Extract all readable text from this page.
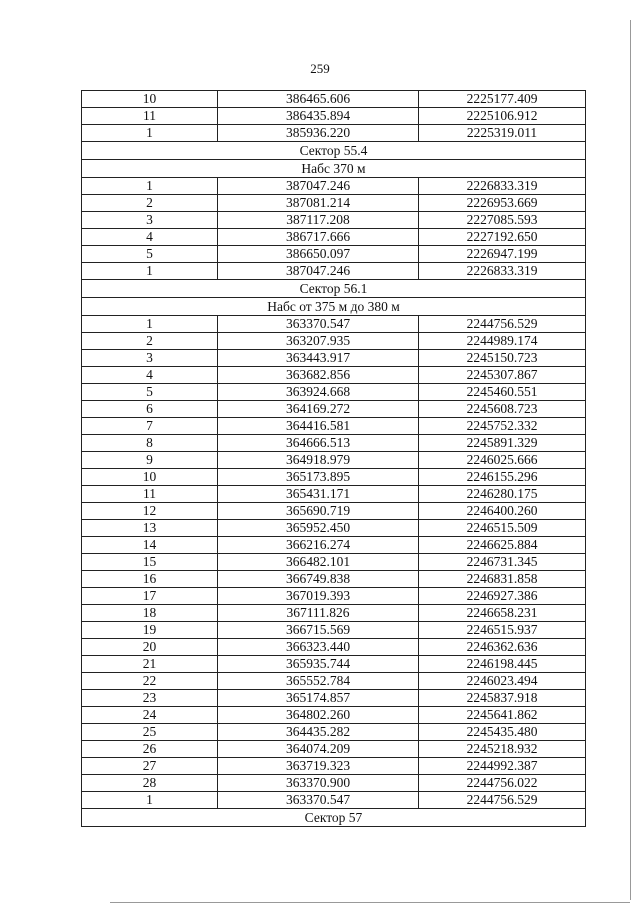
259
10	386465.606	2225177.409
11	386435.894	2225106.912
1	385936.220	2225319.011
Сектор 55.4		
Набс 370 м		
1	387047.246	2226833.319
2	387081.214	2226953.669
3	387117.208	2227085.593
4	386717.666	2227192.650
5	386650.097	2226947.199
1	387047.246	2226833.319
Сектор 56.1		
Набс от 375 м до 380 м		
1	363370.547	2244756.529
2	363207.935	2244989.174
3	363443.917	2245150.723
4	363682.856	2245307.867
5	363924.668	2245460.551
6	364169.272	2245608.723
7	364416.581	2245752.332
8	364666.513	2245891.329
9	364918.979	2246025.666
10	365173.895	2246155.296
11	365431.171	2246280.175
12	365690.719	2246400.260
13	365952.450	2246515.509
14	366216.274	2246625.884
15	366482.101	2246731.345
16	366749.838	2246831.858
17	367019.393	2246927.386
18	367111.826	2246658.231
19	366715.569	2246515.937
20	366323.440	2246362.636
21	365935.744	2246198.445
22	365552.784	2246023.494
23	365174.857	2245837.918
24	364802.260	2245641.862
25	364435.282	2245435.480
26	364074.209	2245218.932
27	363719.323	2244992.387
28	363370.900	2244756.022
1	363370.547	2244756.529
Сектор 57		
